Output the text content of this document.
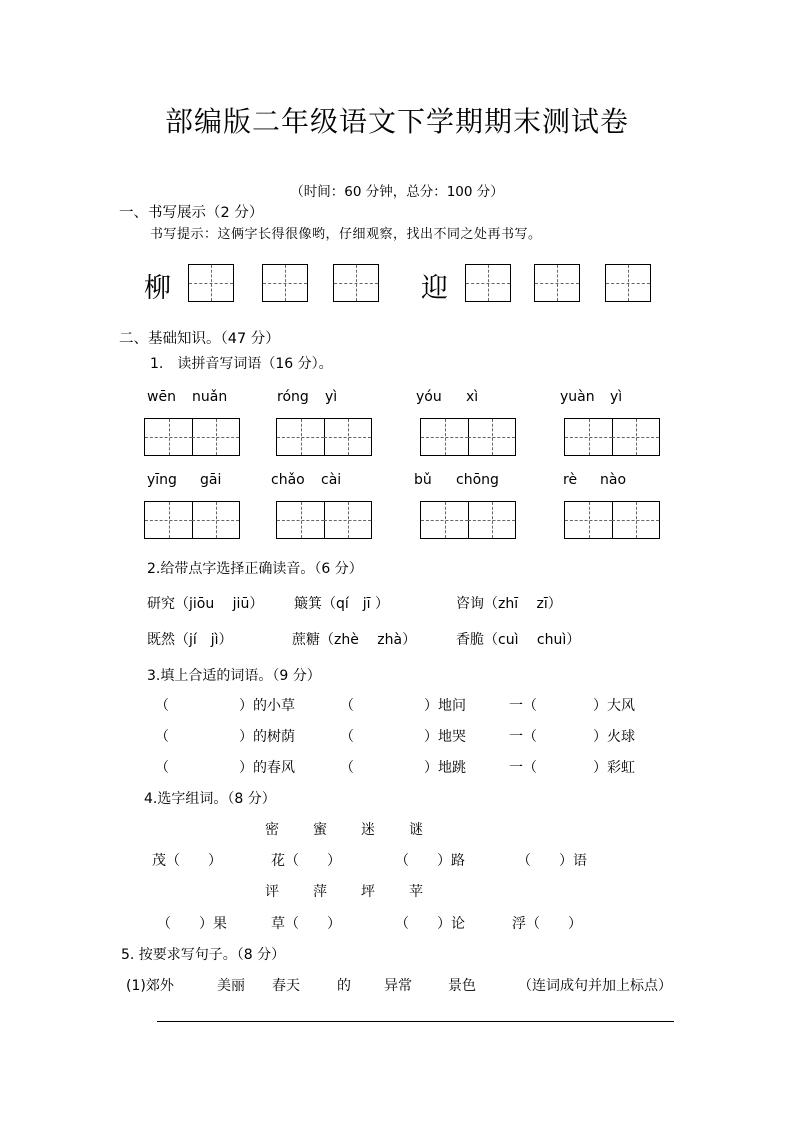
部编版二年级语文下学期期末测试卷
（时间：60 分钟，总分：100 分）
一、书写展示（2 分）
书写提示：这俩字长得很像哟，仔细观察，找出不同之处再书写。
柳	迎
二、基础知识。（47 分）
1.　读拼音写词语（16 分）。
wēn nuǎn	róng yì	yóu xì	yuàn yì
yīng gāi	chǎo cài	bǔ chōng	rè nào
2.给带点字选择正确读音。（6 分）
研究（jiōu　 jiū） 簸箕（qí　jī ）	咨询（zhī　 zī）
既然（jí　jì）	蔗糖（zhè　 zhà）	香脆（cuì　 chuì）
3.填上合适的词语。（9 分）
（　　　　　）的小草	（　　　　　）地问	一（　　　　）大风
（　　　　　）的树荫	（　　　　　）地哭	一（　　　　）火球
（　　　　　）的春风	（　　　　　）地跳	一（　　　　）彩虹
4.选字组词。（8 分）
密 蜜 迷 谜
茂（　　）	花（　　）	（　　）路	（　　）语
评 萍 坪 苹
（　　）果	草（　　）	（　　）论	浮（　　）
5. 按要求写句子。（8 分）
(1)郊外	美丽 春天	的 异常	景色	（连词成句并加上标点）
